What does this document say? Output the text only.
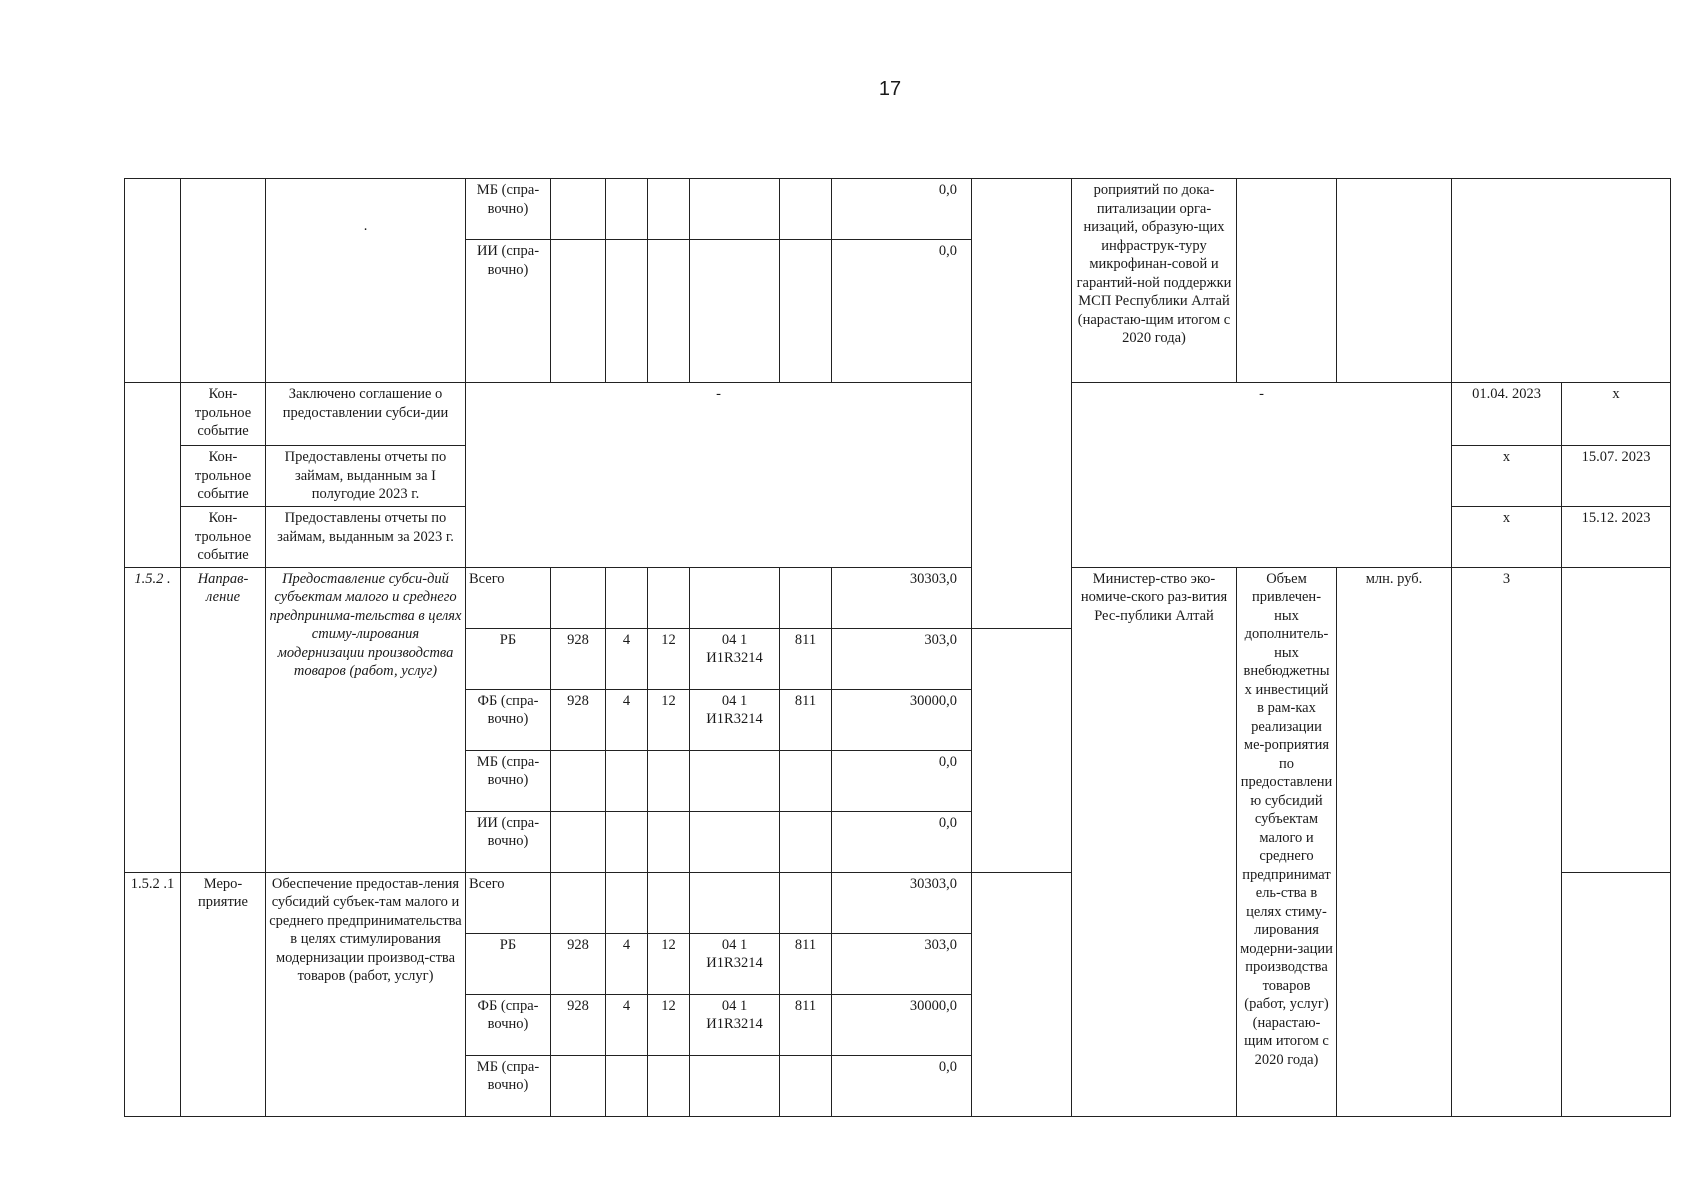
17

		.	МБ (спра-вочно)						0,0		роприятий по дока-питализации орга-низаций, образую-щих инфраструк-туру микрофинан-совой и гарантий-ной поддержки МСП Республики Алтай (нарастаю-щим итогом с 2020 года)					
			ИИ (спра-вочно)						0,0							
	Кон-трольное событие	Заключено соглашение о предоставлении субси-дии	-								-			01.04. 2023	x	
	Кон-трольное событие	Предоставлены отчеты по займам, выданным за I полугодие 2023 г.												x	15.07. 2023	
	Кон-трольное событие	Предоставлены отчеты по займам, выданным за 2023 г.												x	15.12. 2023	
1.5.2 .	Направ-ление	Предоставление субси-дий субъектам малого и среднего предпринима-тельства в целях стиму-лирования модернизации производства товаров (работ, услуг)	Всего						30303,0		Министер-ство эко-номиче-ского раз-вития Рес-публики Алтай	Объем привлечен-ных дополнитель-ных внебюджетных инвестиций в рам-ках реализации ме-роприятия по предоставлению субсидий субъектам малого и среднего предприниматель-ства в целях стиму-лирования модерни-зации производства товаров (работ, услуг) (нарастаю-щим итогом с 2020 года)	млн. руб.	3		
			РБ	928	4	12	04 1 И1R3214	811	303,0							
			ФБ (спра-вочно)	928	4	12	04 1 И1R3214	811	30000,0							
			МБ (спра-вочно)						0,0							
			ИИ (спра-вочно)						0,0							
1.5.2 .1	Меро-приятие	Обеспечение предостав-ления субсидий субъек-там малого и среднего предпринимательства в целях стимулирования модернизации производ-ства товаров (работ, услуг)	Всего						30303,0							
			РБ	928	4	12	04 1 И1R3214	811	303,0							
			ФБ (спра-вочно)	928	4	12	04 1 И1R3214	811	30000,0							
			МБ (спра-вочно)						0,0							
